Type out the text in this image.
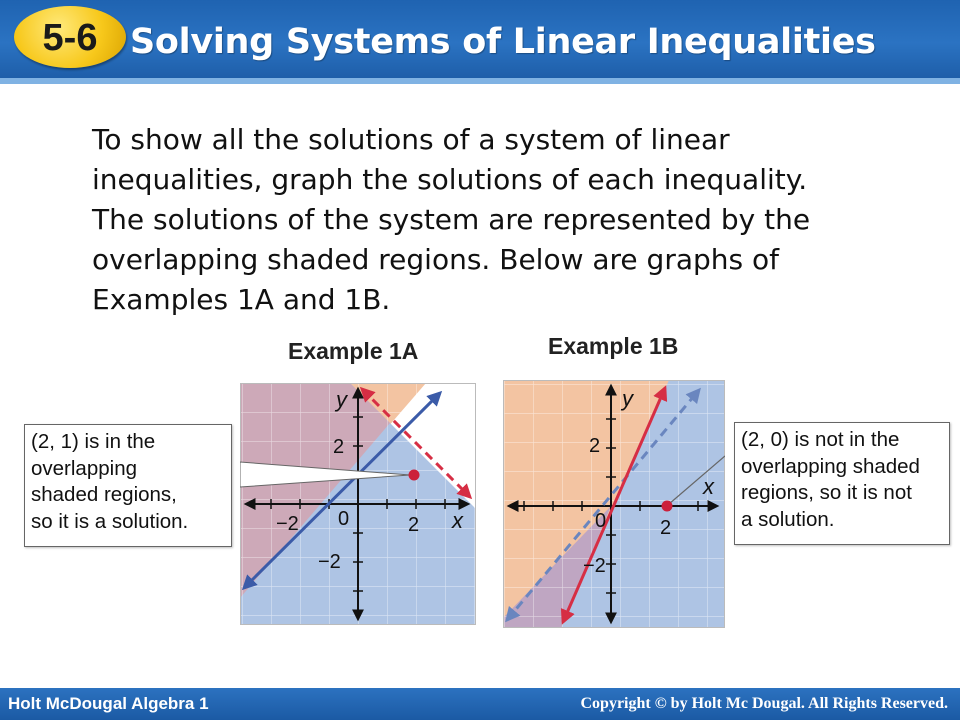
5-6 Solving Systems of Linear Inequalities

To show all the solutions of a system of linear

inequalities, graph the solutions of each inequality.

The solutions of the system are represented by the

overlapping shaded regions. Below are graphs of

Examples 1A and 1B.

Example 1A	Example 1B
y
x
2
−2 0	2
−2
(2, 1) is in the
overlapping
shaded regions,
so it is a solution.
y
x
2
0	2
−2
(2, 0) is not in the
overlapping shaded
regions, so it is not
a solution.
Holt McDougal Algebra 1	Copyright © by Holt Mc Dougal. All Rights Reserved.
